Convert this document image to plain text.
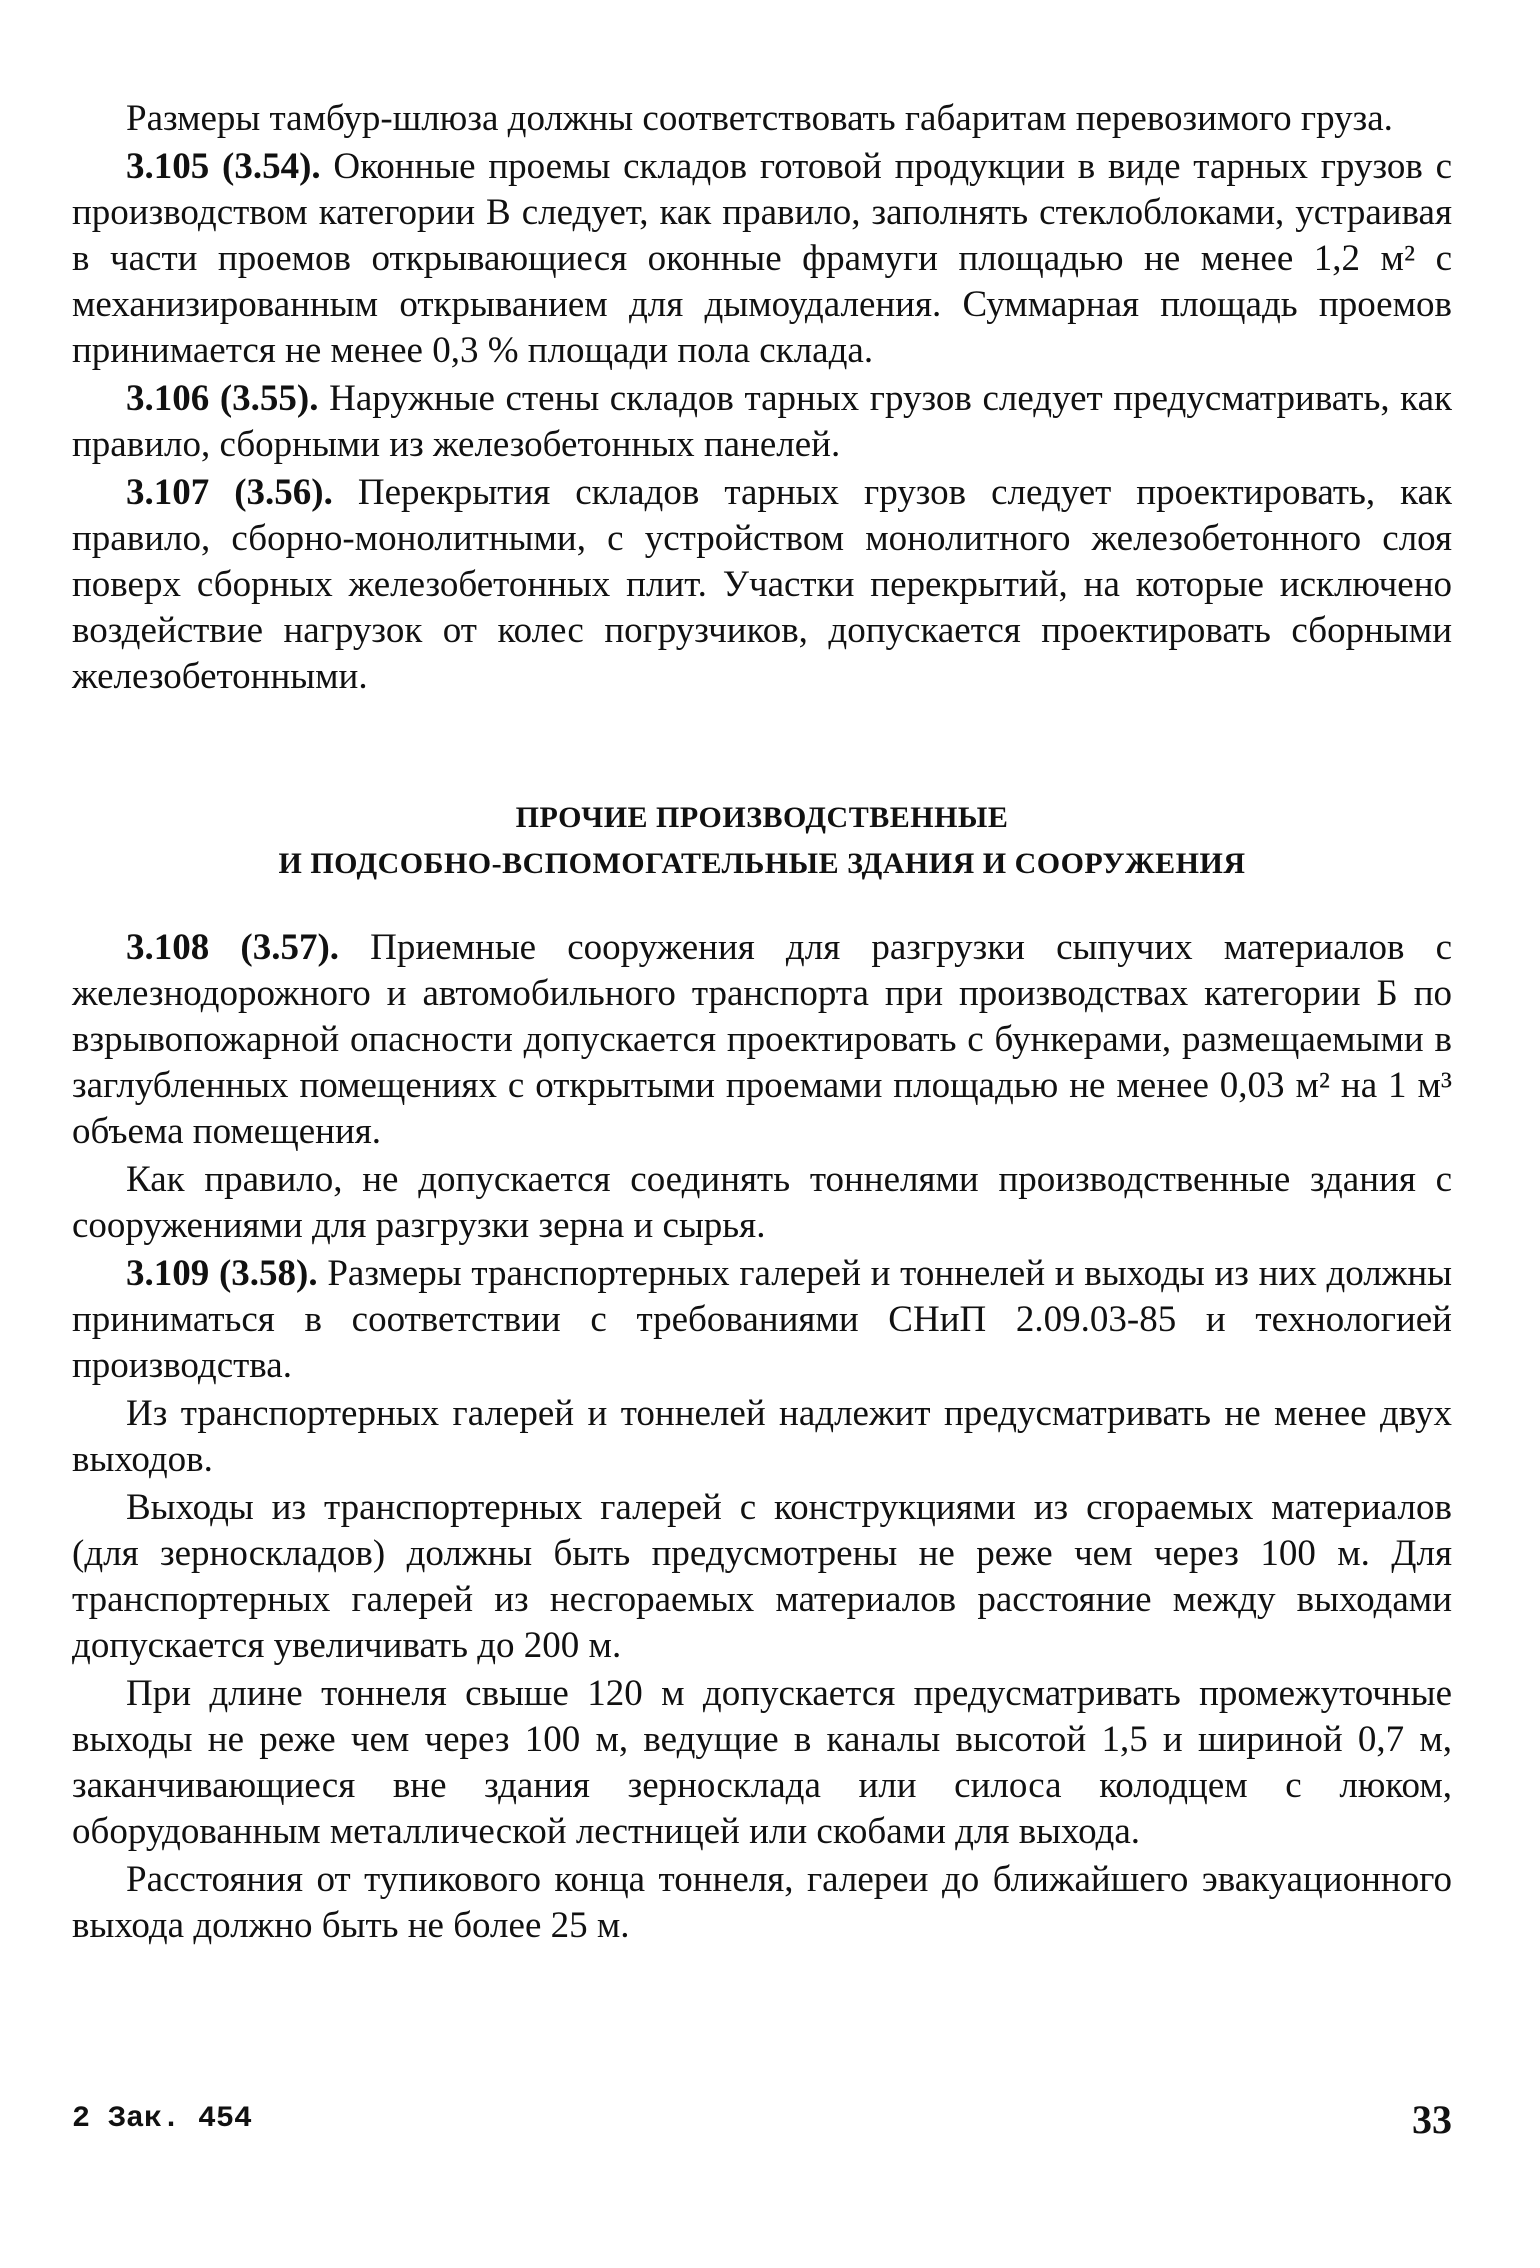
Размеры тамбур-шлюза должны соответствовать габаритам перевозимого груза.

3.105 (3.54). Оконные проемы складов готовой продукции в виде тарных грузов с производством категории В следует, как правило, заполнять стеклоблоками, устраивая в части проемов открывающиеся оконные фрамуги площадью не менее 1,2 м² с механизированным открыванием для дымоудаления. Суммарная площадь проемов принимается не менее 0,3 % площади пола склада.

3.106 (3.55). Наружные стены складов тарных грузов следует предусматривать, как правило, сборными из железобетонных панелей.

3.107 (3.56). Перекрытия складов тарных грузов следует проектировать, как правило, сборно-монолитными, с устройством монолитного железобетонного слоя поверх сборных железобетонных плит. Участки перекрытий, на которые исключено воздействие нагрузок от колес погрузчиков, допускается проектировать сборными железобетонными.

ПРОЧИЕ ПРОИЗВОДСТВЕННЫЕ
И ПОДСОБНО-ВСПОМОГАТЕЛЬНЫЕ ЗДАНИЯ И СООРУЖЕНИЯ

3.108 (3.57). Приемные сооружения для разгрузки сыпучих материалов с железнодорожного и автомобильного транспорта при производствах категории Б по взрывопожарной опасности допускается проектировать с бункерами, размещаемыми в заглубленных помещениях с открытыми проемами площадью не менее 0,03 м² на 1 м³ объема помещения.

Как правило, не допускается соединять тоннелями производственные здания с сооружениями для разгрузки зерна и сырья.

3.109 (3.58). Размеры транспортерных галерей и тоннелей и выходы из них должны приниматься в соответствии с требованиями СНиП 2.09.03-85 и технологией производства.

Из транспортерных галерей и тоннелей надлежит предусматривать не менее двух выходов.

Выходы из транспортерных галерей с конструкциями из сгораемых материалов (для зерноскладов) должны быть предусмотрены не реже чем через 100 м. Для транспортерных галерей из несгораемых материалов расстояние между выходами допускается увеличивать до 200 м.

При длине тоннеля свыше 120 м допускается предусматривать промежуточные выходы не реже чем через 100 м, ведущие в каналы высотой 1,5 и шириной 0,7 м, заканчивающиеся вне здания зерносклада или силоса колодцем с люком, оборудованным металлической лестницей или скобами для выхода.

Расстояния от тупикового конца тоннеля, галереи до ближайшего эвакуационного выхода должно быть не более 25 м.

2 Зак. 454	33
